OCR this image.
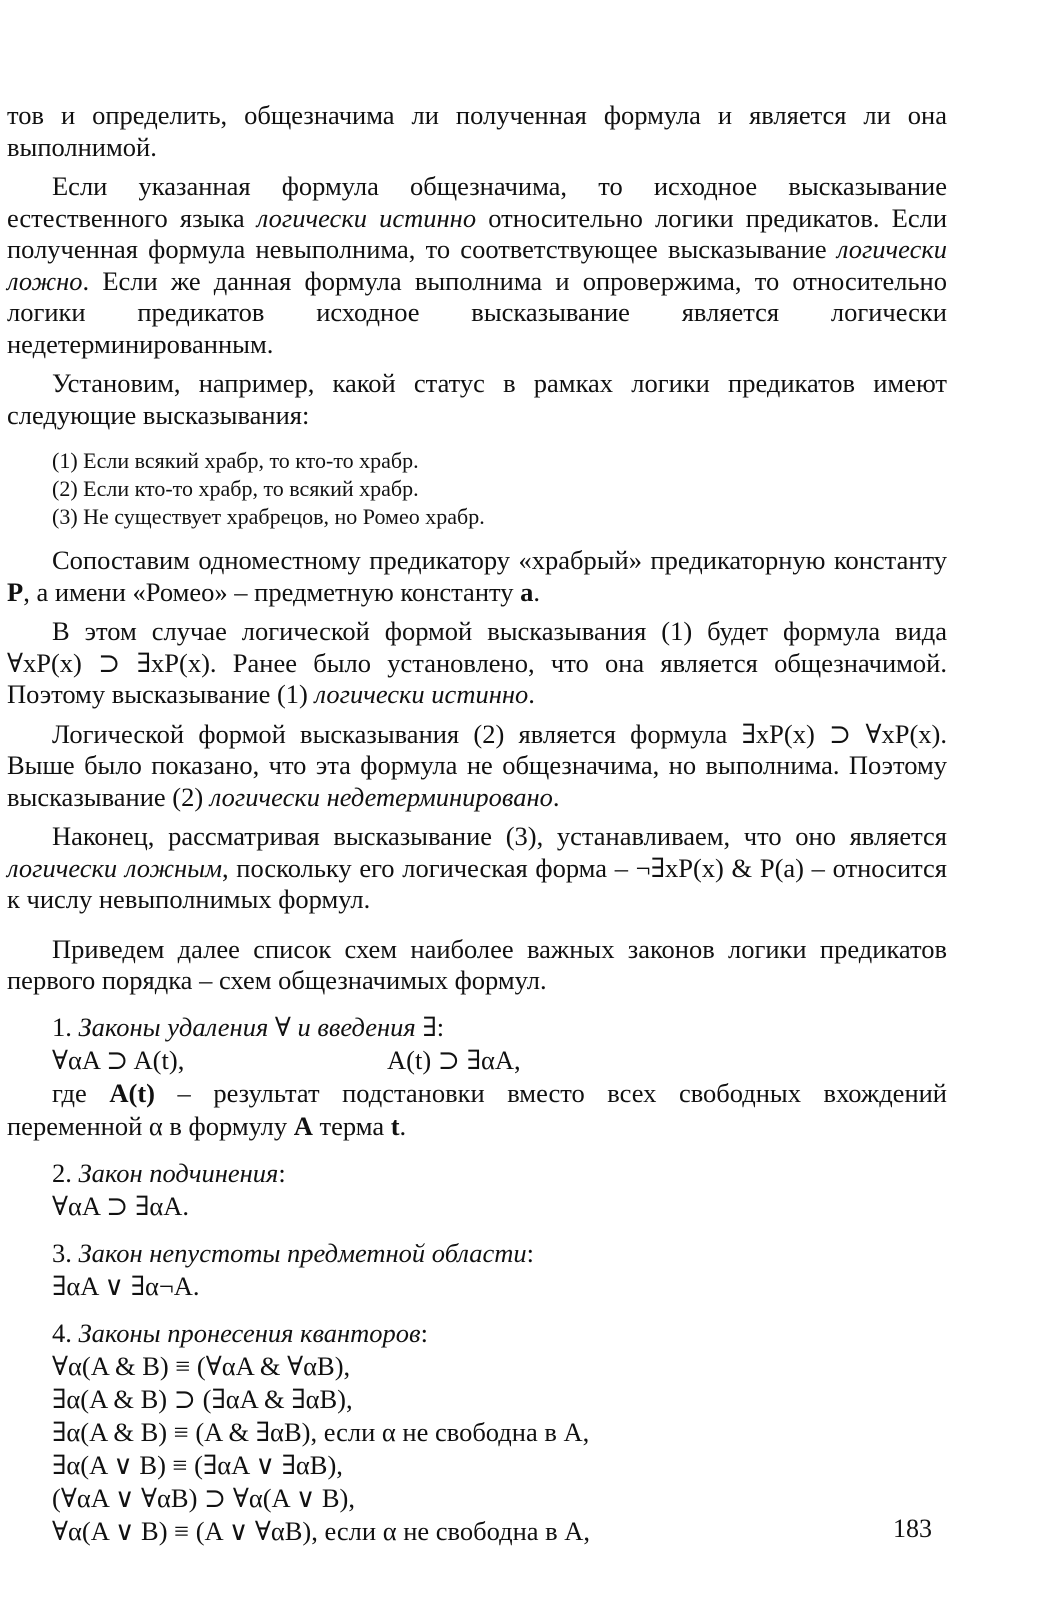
тов и определить, общезначима ли полученная формула и является ли она выполнимой.

Если указанная формула общезначима, то исходное высказывание естественного языка логически истинно относительно логики предикатов. Если полученная формула невыполнима, то соответствующее высказывание логически ложно. Если же данная формула выполнима и опровержима, то относительно логики предикатов исходное высказывание является логически недетерминированным.

Установим, например, какой статус в рамках логики предикатов имеют следующие высказывания:

(1) Если всякий храбр, то кто-то храбр.
(2) Если кто-то храбр, то всякий храбр.
(3) Не существует храбрецов, но Ромео храбр.

Сопоставим одноместному предикатору «храбрый» предикаторную константу P, а имени «Ромео» – предметную константу a.

В этом случае логической формой высказывания (1) будет формула вида ∀xP(x) ⊃ ∃xP(x). Ранее было установлено, что она является общезначимой. Поэтому высказывание (1) логически истинно.

Логической формой высказывания (2) является формула ∃xP(x) ⊃ ∀xP(x). Выше было показано, что эта формула не общезначима, но выполнима. Поэтому высказывание (2) логически недетерминировано.

Наконец, рассматривая высказывание (3), устанавливаем, что оно является логически ложным, поскольку его логическая форма – ¬∃xP(x) & P(a) – относится к числу невыполнимых формул.

Приведем далее список схем наиболее важных законов логики предикатов первого порядка – схем общезначимых формул.

1. Законы удаления ∀ и введения ∃:
∀αA ⊃ A(t),	A(t) ⊃ ∃αA,

где A(t) – результат подстановки вместо всех свободных вхождений переменной α в формулу A терма t.

2. Закон подчинения:
∀αA ⊃ ∃αA.
3. Закон непустоты предметной области:
∃αA ∨ ∃α¬A.
4. Законы пронесения кванторов:
∀α(A & B) ≡ (∀αA & ∀αB),
∃α(A & B) ⊃ (∃αA & ∃αB),
∃α(A & B) ≡ (A & ∃αB), если α не свободна в A,
∃α(A ∨ B) ≡ (∃αA ∨ ∃αB),
(∀αA ∨ ∀αB) ⊃ ∀α(A ∨ B),
∀α(A ∨ B) ≡ (A ∨ ∀αB), если α не свободна в A,	183
